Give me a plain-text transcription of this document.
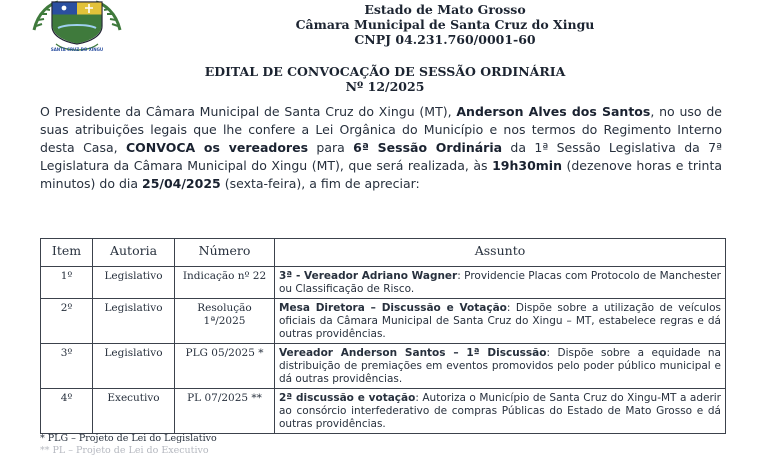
SANTA CRUZ DO XINGU
Estado de Mato Grosso
Câmara Municipal de Santa Cruz do Xingu
CNPJ 04.231.760/0001-60
EDITAL DE CONVOCAÇÃO DE SESSÃO ORDINÁRIA
Nº 12/2025
O Presidente da Câmara Municipal de Santa Cruz do Xingu (MT), Anderson Alves dos Santos, no uso de suas atribuições legais que lhe confere a Lei Orgânica do Município e nos termos do Regimento Interno desta Casa, CONVOCA os vereadores para 6ª Sessão Ordinária da 1ª Sessão Legislativa da 7ª Legislatura da Câmara Municipal do Xingu (MT), que será realizada, às 19h30min (dezenove horas e trinta minutos) do dia 25/04/2025 (sexta-feira), a fim de apreciar:
Item	Autoria	Número	Assunto
1º	Legislativo	Indicação nº 22	3ª - Vereador Adriano Wagner: Providencie Placas com Protocolo de Manchester ou Classificação de Risco.
2º	Legislativo	Resolução 1ª/2025	Mesa Diretora – Discussão e Votação: Dispõe sobre a utilização de veículos oficiais da Câmara Municipal de Santa Cruz do Xingu – MT, estabelece regras e dá outras providências.
3º	Legislativo	PLG 05/2025 *	Vereador Anderson Santos – 1ª Discussão: Dispõe sobre a equidade na distribuição de premiações em eventos promovidos pelo poder público municipal e dá outras providências.
4º	Executivo	PL 07/2025 **	2ª discussão e votação: Autoriza o Município de Santa Cruz do Xingu-MT a aderir ao consórcio interfederativo de compras Públicas do Estado de Mato Grosso e dá outras providências.
* PLG – Projeto de Lei do Legislativo
** PL – Projeto de Lei do Executivo
